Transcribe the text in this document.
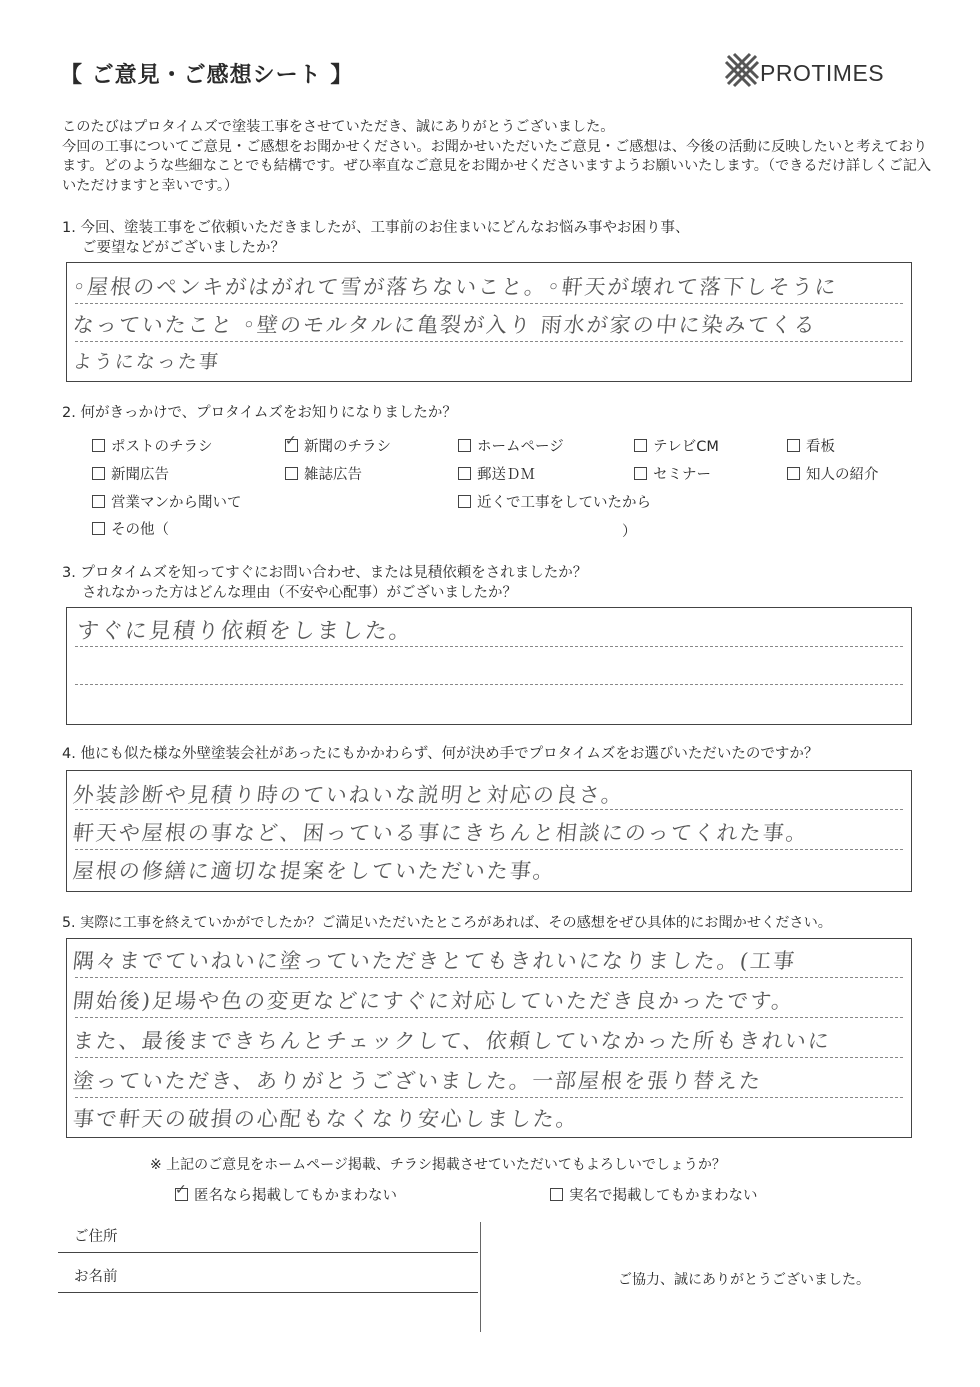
【 ご意見・ご感想シート 】	PROTIMES
このたびはプロタイムズで塗装工事をさせていただき、誠にありがとうございました。
今回の工事についてご意見・ご感想をお聞かせください。お聞かせいただいたご意見・ご感想は、今後の活動に反映したいと考えております。どのような些細なことでも結構です。ぜひ率直なご意見をお聞かせくださいますようお願いいたします。（できるだけ詳しくご記入いただけますと幸いです。）
1. 今回、塗装工事をご依頼いただきましたが、工事前のお住まいにどんなお悩み事やお困り事、
ご要望などがございましたか？
◦屋根のペンキがはがれて雪が落ちないこと。◦軒天が壊れて落下しそうに
なっていたこと ◦壁のモルタルに亀裂が入り 雨水が家の中に染みてくる
ようになった事
2. 何がきっかけで、プロタイムズをお知りになりましたか？
ポストのチラシ
✓	新聞のチラシ	ホームページ	テレビCM	看板
新聞広告	雑誌広告	郵送ＤＭ	セミナー	知人の紹介
営業マンから聞いて	近くで工事をしていたから
その他（	）
3. プロタイムズを知ってすぐにお問い合わせ、または見積依頼をされましたか？
されなかった方はどんな理由（不安や心配事）がございましたか？
すぐに見積り依頼をしました。
4. 他にも似た様な外壁塗装会社があったにもかかわらず、何が決め手でプロタイムズをお選びいただいたのですか？
外装診断や見積り時のていねいな説明と対応の良さ。
軒天や屋根の事など、困っている事にきちんと相談にのってくれた事。
屋根の修繕に適切な提案をしていただいた事。
5. 実際に工事を終えていかがでしたか？ご満足いただいたところがあれば、その感想をぜひ具体的にお聞かせください。
隅々までていねいに塗っていただきとてもきれいになりました。(工事
開始後)足場や色の変更などにすぐに対応していただき良かったです。
また、最後まできちんとチェックして、依頼していなかった所もきれいに
塗っていただき、ありがとうございました。一部屋根を張り替えた
事で軒天の破損の心配もなくなり安心しました。
※ 上記のご意見をホームページ掲載、チラシ掲載させていただいてもよろしいでしょうか？
✓匿名なら掲載してもかまわない	実名で掲載してもかまわない
ご住所
お名前	ご協力、誠にありがとうございました。
